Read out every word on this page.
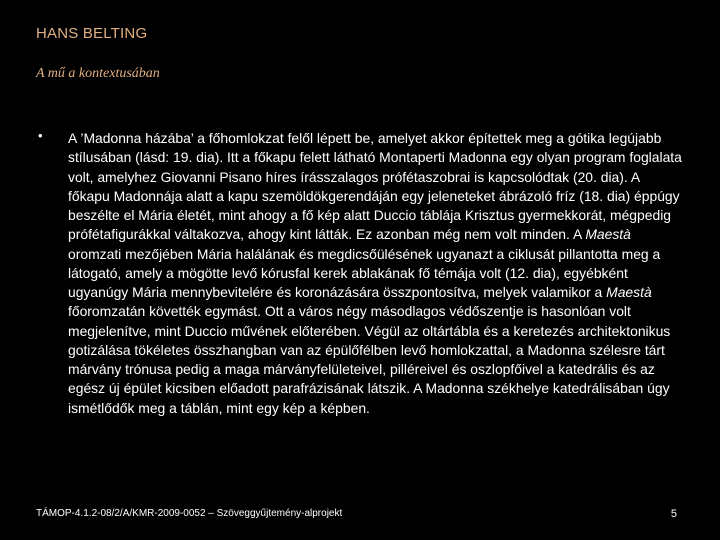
HANS BELTING
A mű a kontextusában
• A ’Madonna házába’ a főhomlokzat felől lépett be, amelyet akkor építettek meg a gótika legújabb stílusában (lásd: 19. dia). Itt a főkapu felett látható Montaperti Madonna egy olyan program foglalata volt, amelyhez Giovanni Pisano híres írásszalagos prófétaszobrai is kapcsolódtak (20. dia). A főkapu Madonnája alatt a kapu szemöldökgerendáján egy jeleneteket ábrázoló fríz (18. dia) éppúgy beszélte el Mária életét, mint ahogy a fő kép alatt Duccio táblája Krisztus gyermekkorát, mégpedig prófétafigurákkal váltakozva, ahogy kint látták. Ez azonban még nem volt minden. A Maestà oromzati mezőjében Mária halálának és megdicsőülésének ugyanazt a ciklusát pillantotta meg a látogató, amely a mögötte levő kórusfal kerek ablakának fő témája volt (12. dia), egyébként ugyanúgy Mária mennybevitelére és koronázására összpontosítva, melyek valamikor a Maestà főoromzatán követték egymást. Ott a város négy másodlagos védőszentje is hasonlóan volt megjelenítve, mint Duccio művének előterében. Végül az oltártábla és a keretezés architektonikus gotizálása tökéletes összhangban van az épülőfélben levő homlokzattal, a Madonna szélesre tárt márvány trónusa pedig a maga márványfelületeivel, pilléreivel és oszlopfőivel a katedrális és az egész új épület kicsiben előadott parafrázisának látszik. A Madonna székhelye katedrálisában úgy ismétlődők meg a táblán, mint egy kép a képben.

TÁMOP-4.1.2-08/2/A/KMR-2009-0052 – Szöveggyűjtemény-alprojekt	5
